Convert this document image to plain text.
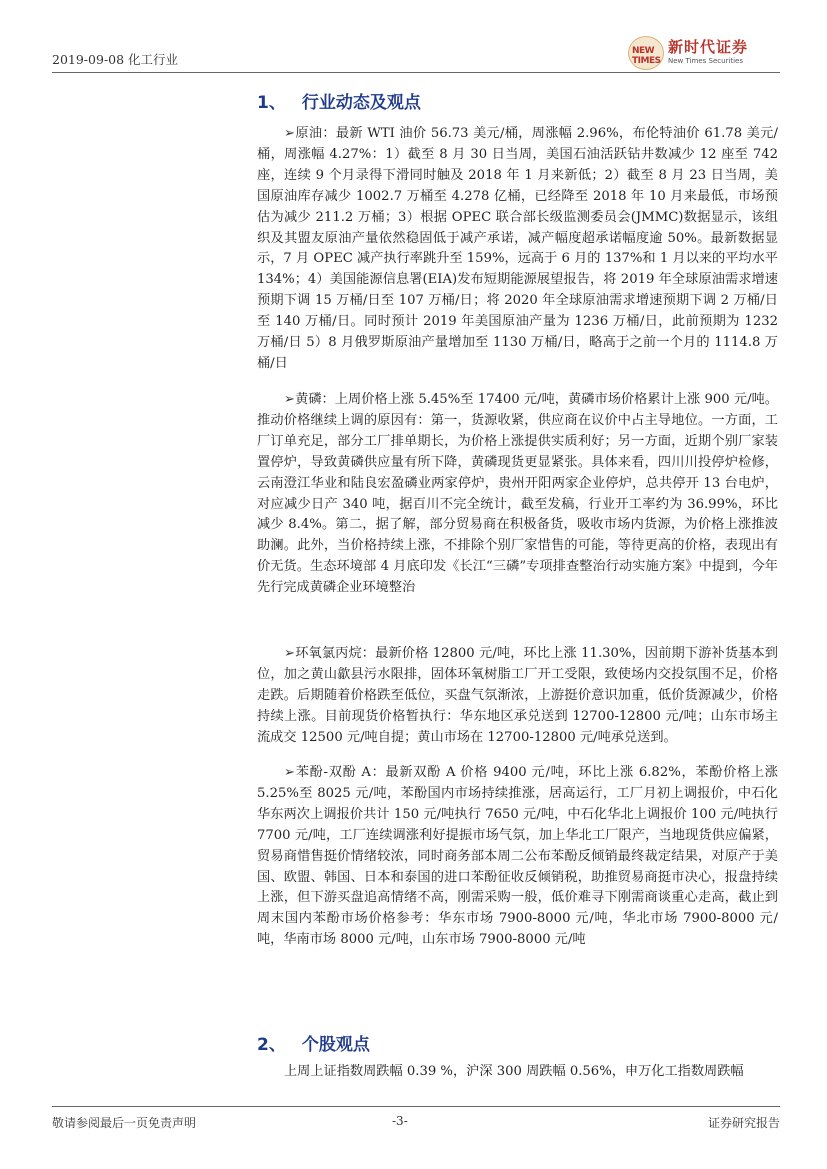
2019-09-08 化工行业
NEW TIMES
新时代证券
New Times Securities
1、 行业动态及观点
➢原油：最新 WTI 油价 56.73 美元/桶，周涨幅 2.96%，布伦特油价 61.78 美元/桶，周涨幅 4.27%：1）截至 8 月 30 日当周，美国石油活跃钻井数减少 12 座至 742 座，连续 9 个月录得下滑同时触及 2018 年 1 月来新低；2）截至 8 月 23 日当周，美国原油库存减少 1002.7 万桶至 4.278 亿桶，已经降至 2018 年 10 月来最低，市场预估为减少 211.2 万桶；3）根据 OPEC 联合部长级监测委员会(JMMC)数据显示，该组织及其盟友原油产量依然稳固低于减产承诺，减产幅度超承诺幅度逾 50%。最新数据显示，7 月 OPEC 减产执行率跳升至 159%，远高于 6 月的 137%和 1 月以来的平均水平 134%；4）美国能源信息署(EIA)发布短期能源展望报告，将 2019 年全球原油需求增速预期下调 15 万桶/日至 107 万桶/日；将 2020 年全球原油需求增速预期下调 2 万桶/日至 140 万桶/日。同时预计 2019 年美国原油产量为 1236 万桶/日，此前预期为 1232 万桶/日 5）8 月俄罗斯原油产量增加至 1130 万桶/日，略高于之前一个月的 1114.8 万桶/日
➢黄磷：上周价格上涨 5.45%至 17400 元/吨，黄磷市场价格累计上涨 900 元/吨。推动价格继续上调的原因有：第一，货源收紧，供应商在议价中占主导地位。一方面，工厂订单充足，部分工厂排单期长，为价格上涨提供实质利好；另一方面，近期个别厂家装置停炉，导致黄磷供应量有所下降，黄磷现货更显紧张。具体来看，四川川投停炉检修，云南澄江华业和陆良宏盈磷业两家停炉，贵州开阳两家企业停炉，总共停开 13 台电炉，对应减少日产 340 吨，据百川不完全统计，截至发稿，行业开工率约为 36.99%，环比减少 8.4%。第二，据了解，部分贸易商在积极备货，吸收市场内货源，为价格上涨推波助澜。此外，当价格持续上涨，不排除个别厂家惜售的可能，等待更高的价格，表现出有价无货。生态环境部 4 月底印发《长江“三磷”专项排查整治行动实施方案》中提到，今年先行完成黄磷企业环境整治
➢环氧氯丙烷：最新价格 12800 元/吨，环比上涨 11.30%，因前期下游补货基本到位，加之黄山歙县污水限排，固体环氧树脂工厂开工受限，致使场内交投氛围不足，价格走跌。后期随着价格跌至低位，买盘气氛渐浓，上游挺价意识加重，低价货源减少，价格持续上涨。目前现货价格暂执行：华东地区承兑送到 12700-12800 元/吨；山东市场主流成交 12500 元/吨自提；黄山市场在 12700-12800 元/吨承兑送到。
➢苯酚-双酚 A：最新双酚 A 价格 9400 元/吨，环比上涨 6.82%，苯酚价格上涨 5.25%至 8025 元/吨，苯酚国内市场持续推涨，居高运行，工厂月初上调报价，中石化华东两次上调报价共计 150 元/吨执行 7650 元/吨，中石化华北上调报价 100 元/吨执行 7700 元/吨，工厂连续调涨利好提振市场气氛，加上华北工厂限产，当地现货供应偏紧，贸易商惜售挺价情绪较浓，同时商务部本周二公布苯酚反倾销最终裁定结果，对原产于美国、欧盟、韩国、日本和泰国的进口苯酚征收反倾销税，助推贸易商挺市决心，报盘持续上涨，但下游买盘追高情绪不高，刚需采购一般，低价难寻下刚需商谈重心走高，截止到周末国内苯酚市场价格参考：华东市场 7900-8000 元/吨，华北市场 7900-8000 元/吨，华南市场 8000 元/吨，山东市场 7900-8000 元/吨
2、 个股观点
上周上证指数周跌幅 0.39 %，沪深 300 周跌幅 0.56%，申万化工指数周跌幅
敬请参阅最后一页免责声明	-3-	证券研究报告
